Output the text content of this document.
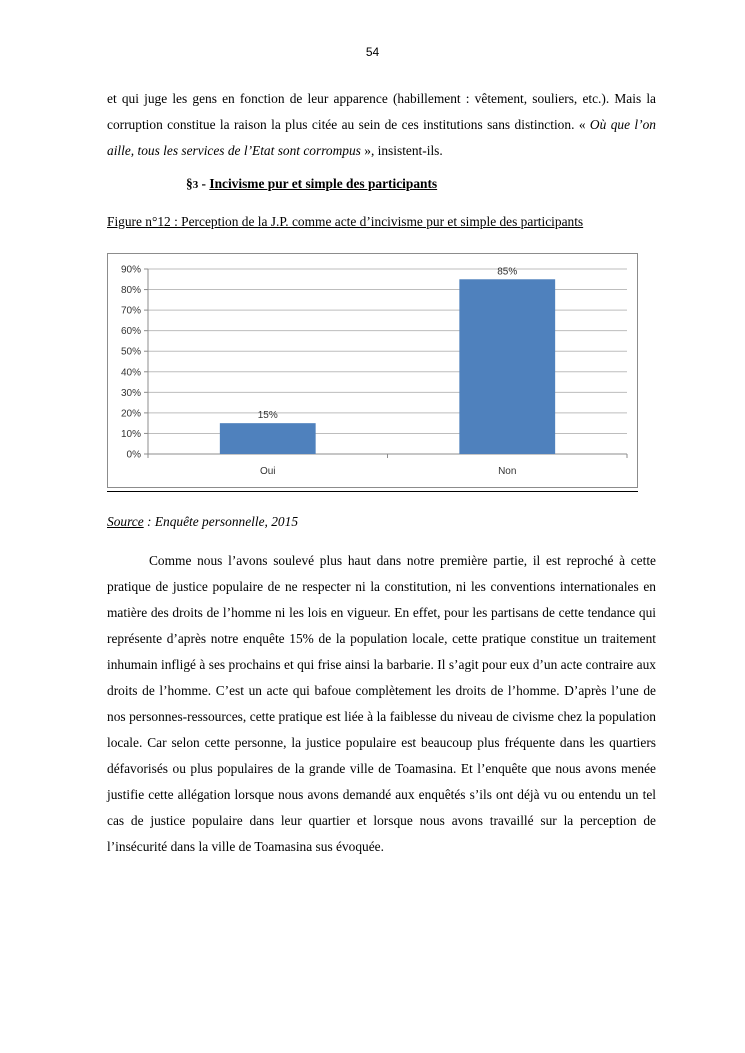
54

et qui juge les gens en fonction de leur apparence (habillement : vêtement, souliers, etc.). Mais la corruption constitue la raison la plus citée au sein de ces institutions sans distinction. « Où que l’on aille, tous les services de l’Etat sont corrompus », insistent-ils.

§3 - Incivisme pur et simple des participants
Figure n°12 : Perception de la J.P. comme acte d’incivisme pur et simple des participants
0%
10%
20%
30%
40%
50%
60%
70%
80%
90%
15%
Oui
85%
Non
Source : Enquête personnelle, 2015

Comme nous l’avons soulevé plus haut dans notre première partie, il est reproché à cette pratique de justice populaire de ne respecter ni la constitution, ni les conventions internationales en matière des droits de l’homme ni les lois en vigueur. En effet, pour les partisans de cette tendance qui représente d’après notre enquête 15% de la population locale, cette pratique constitue un traitement inhumain infligé à ses prochains et qui frise ainsi la barbarie. Il s’agit pour eux d’un acte contraire aux droits de l’homme. C’est un acte qui bafoue complètement les droits de l’homme. D’après l’une de nos personnes-ressources, cette pratique est liée à la faiblesse du niveau de civisme chez la population locale. Car selon cette personne, la justice populaire est beaucoup plus fréquente dans les quartiers défavorisés ou plus populaires de la grande ville de Toamasina. Et l’enquête que nous avons menée justifie cette allégation lorsque nous avons demandé aux enquêtés s’ils ont déjà vu ou entendu un tel cas de justice populaire dans leur quartier et lorsque nous avons travaillé sur la perception de l’insécurité dans la ville de Toamasina sus évoquée.
